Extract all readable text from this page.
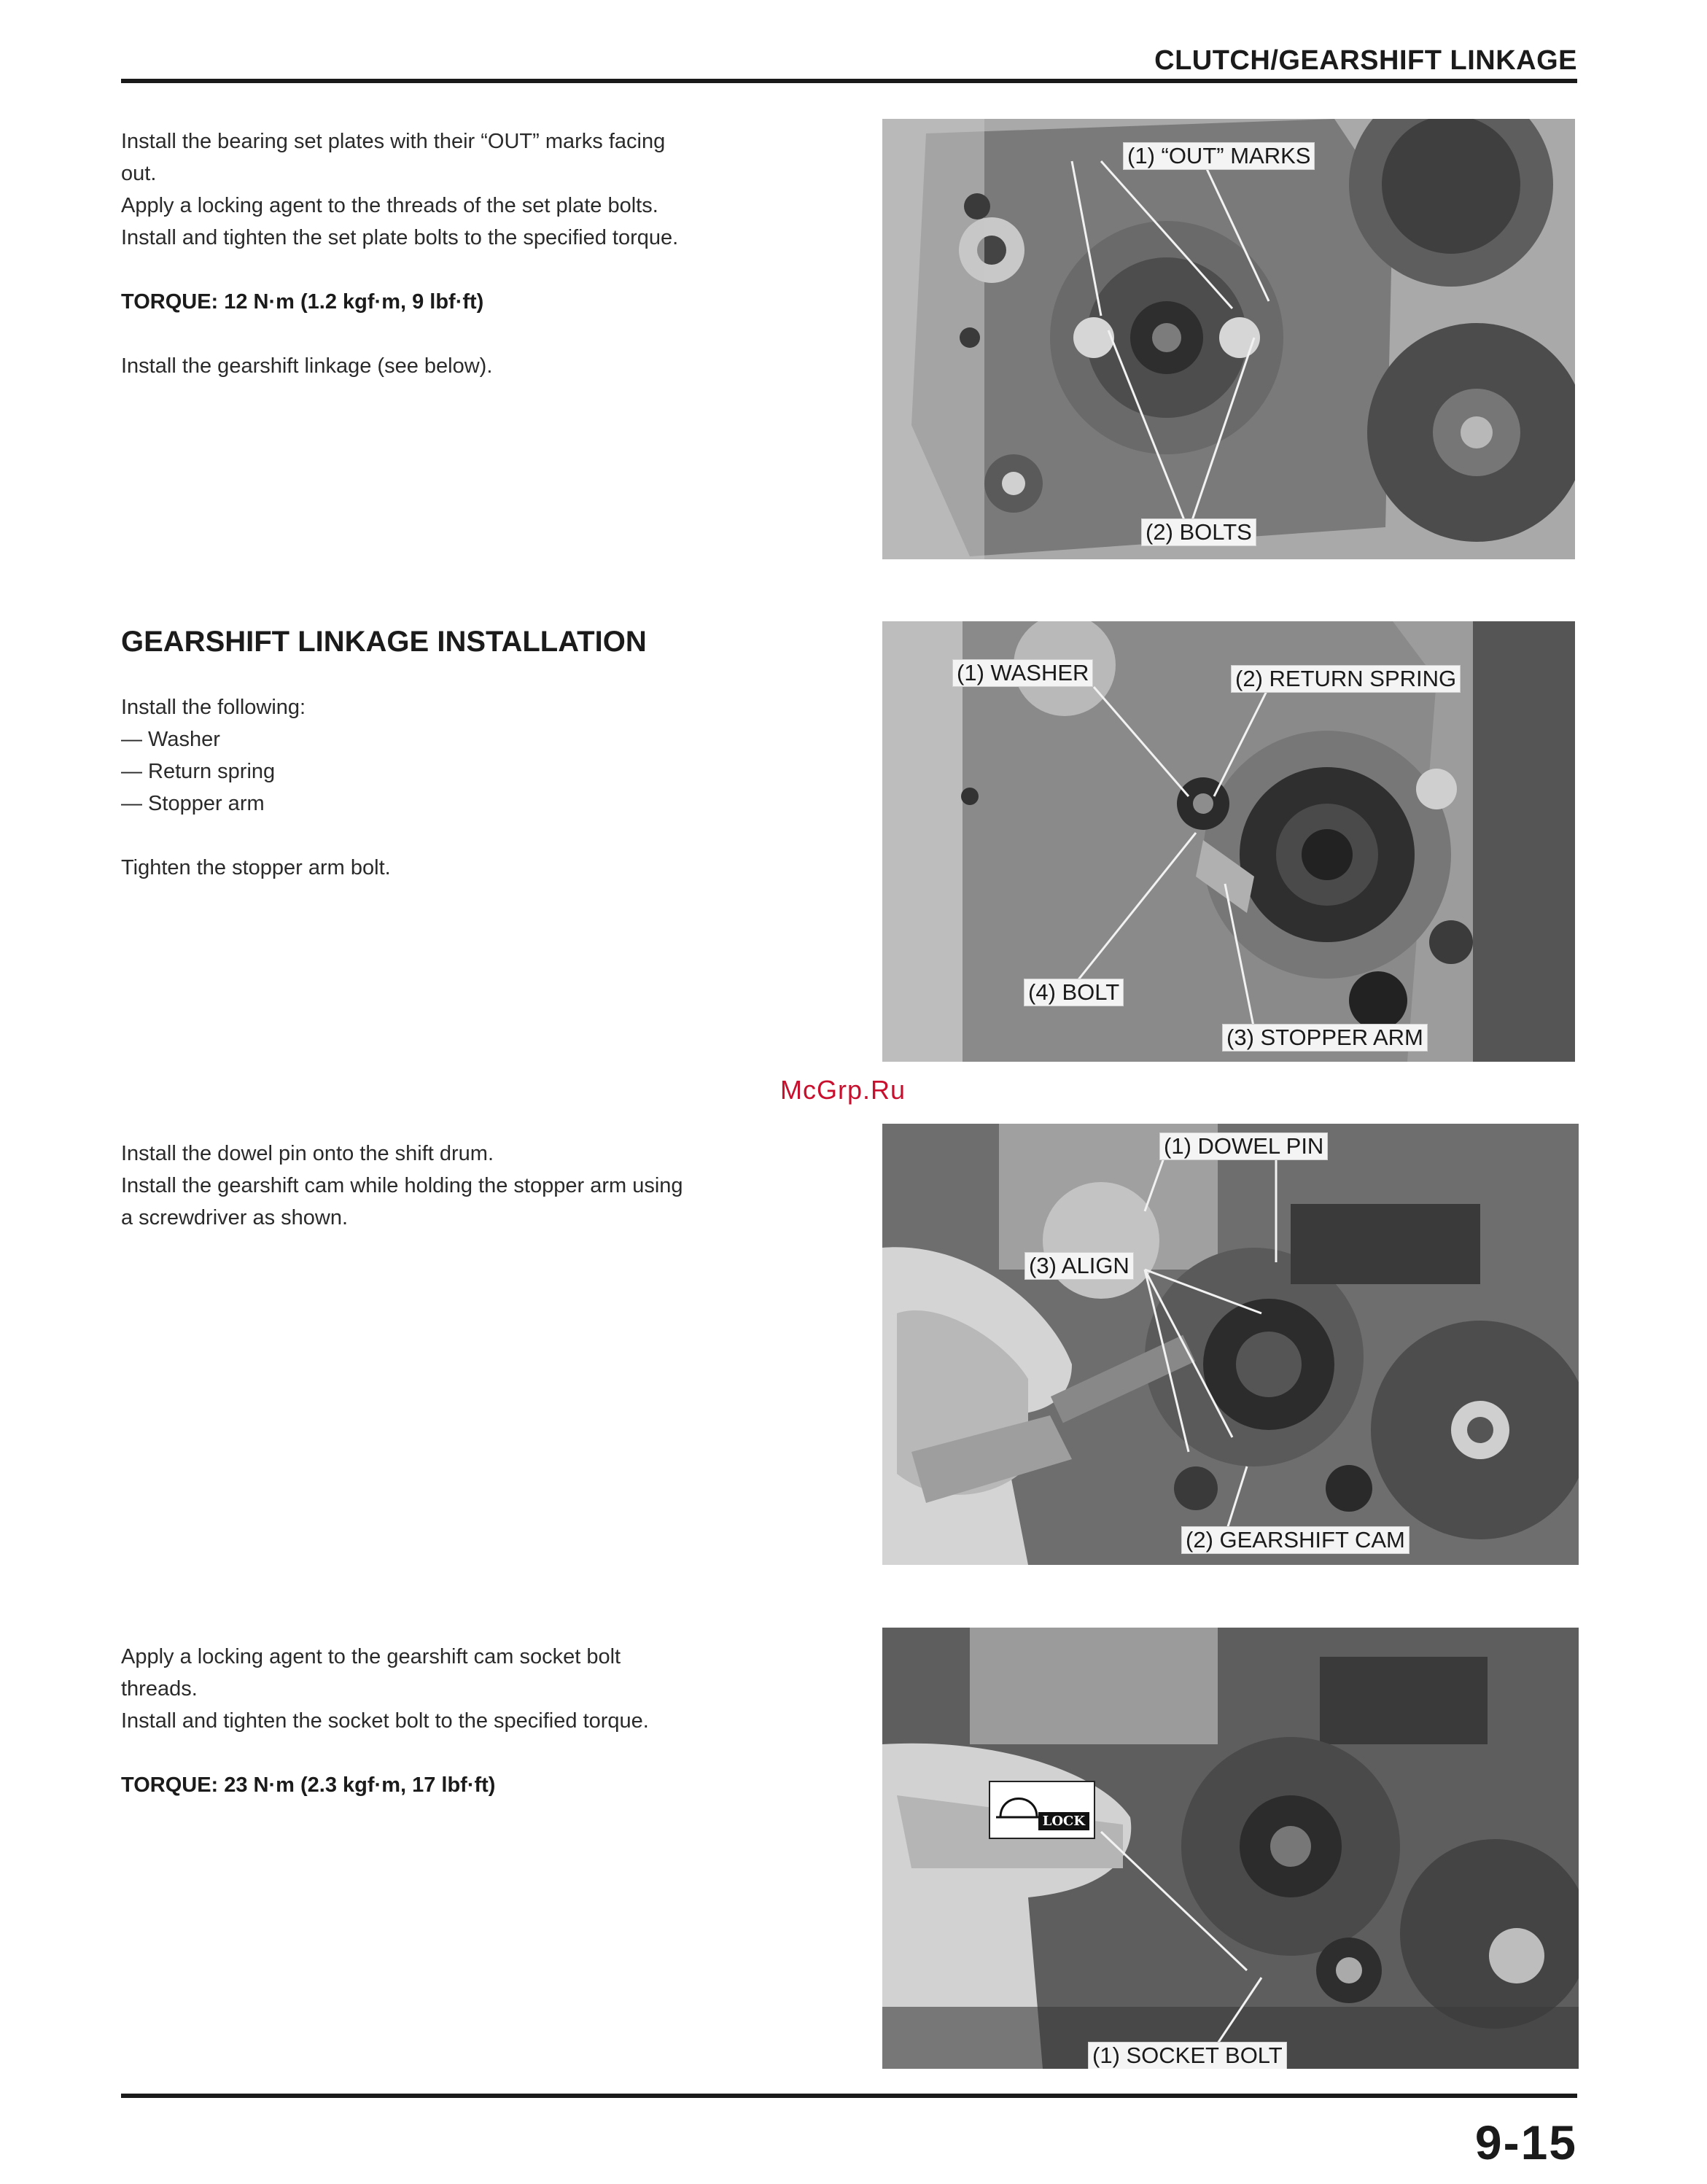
CLUTCH/GEARSHIFT LINKAGE

Install the bearing set plates with their “OUT” marks facing

out.

Apply a locking agent to the threads of the set plate bolts.

Install and tighten the set plate bolts to the specified torque.

TORQUE: 12 N·m (1.2 kgf·m, 9 lbf·ft)

Install the gearshift linkage (see below).

(1) “OUT” MARKS
(2) BOLTS
GEARSHIFT LINKAGE INSTALLATION

Install the following:

— Washer

— Return spring

— Stopper arm

Tighten the stopper arm bolt.

(1) WASHER	(2) RETURN SPRING
(4) BOLT
(3) STOPPER ARM
McGrp.Ru

Install the dowel pin onto the shift drum.

Install the gearshift cam while holding the stopper arm using

a screwdriver as shown.

(1) DOWEL PIN
(3) ALIGN
(2) GEARSHIFT CAM

Apply a locking agent to the gearshift cam socket bolt

threads.

Install and tighten the socket bolt to the specified torque.

TORQUE: 23 N·m (2.3 kgf·m, 17 lbf·ft)

LOCK
(1) SOCKET BOLT
9-15
